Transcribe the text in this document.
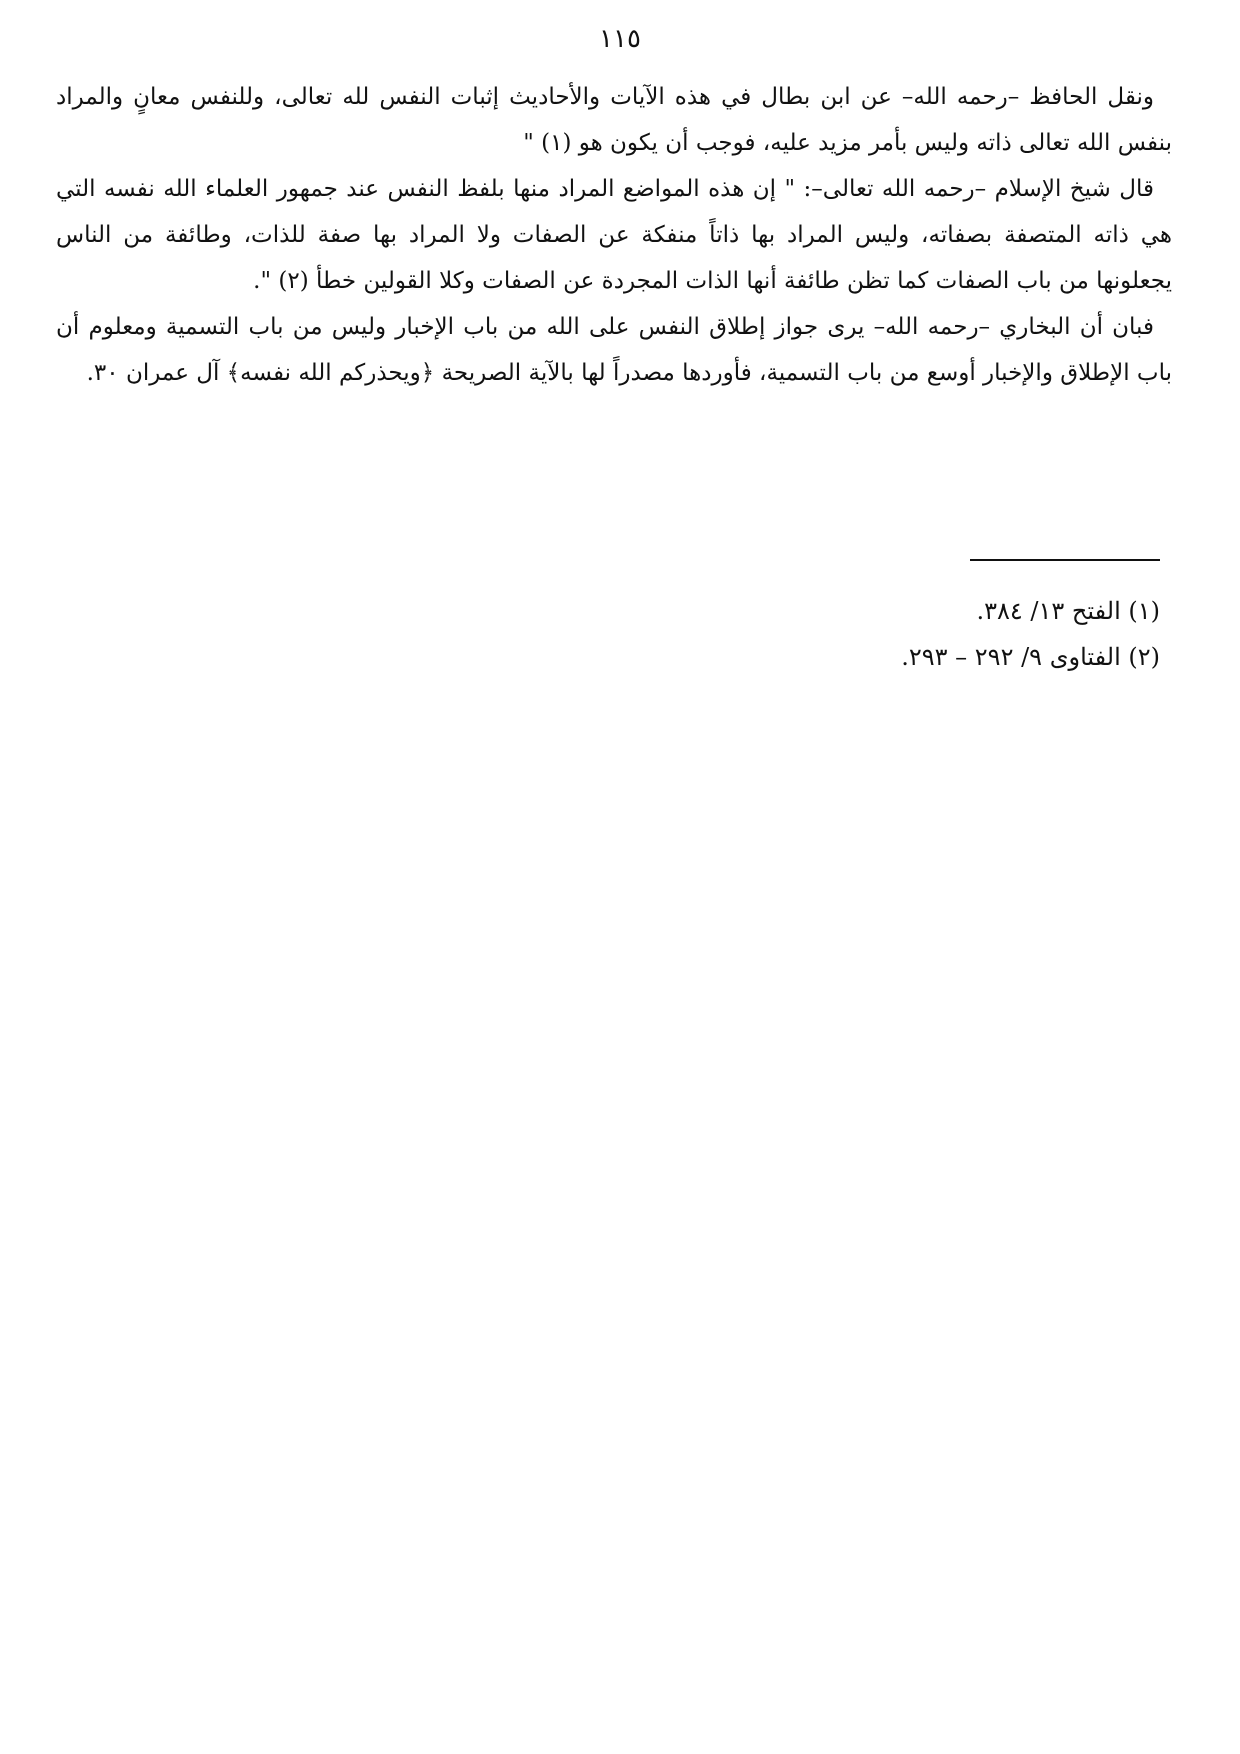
١١٥

ونقل الحافظ –رحمه الله– عن ابن بطال في هذه الآيات والأحاديث إثبات النفس لله تعالى، وللنفس معانٍ والمراد بنفس الله تعالى ذاته وليس بأمر مزيد عليه، فوجب أن يكون هو (١) "

قال شيخ الإسلام –رحمه الله تعالى–: " إن هذه المواضع المراد منها بلفظ النفس عند جمهور العلماء الله نفسه التي هي ذاته المتصفة بصفاته، وليس المراد بها ذاتاً منفكة عن الصفات ولا المراد بها صفة للذات، وطائفة من الناس يجعلونها من باب الصفات كما تظن طائفة أنها الذات المجردة عن الصفات وكلا القولين خطأ (٢) ".

فبان أن البخاري –رحمه الله– يرى جواز إطلاق النفس على الله من باب الإخبار وليس من باب التسمية ومعلوم أن باب الإطلاق والإخبار أوسع من باب التسمية، فأوردها مصدراً لها بالآية الصريحة ﴿ويحذركم الله نفسه﴾ آل عمران ٣٠.

(١) الفتح ١٣/ ٣٨٤.

(٢) الفتاوى ٩/ ٢٩٢ – ٢٩٣.
